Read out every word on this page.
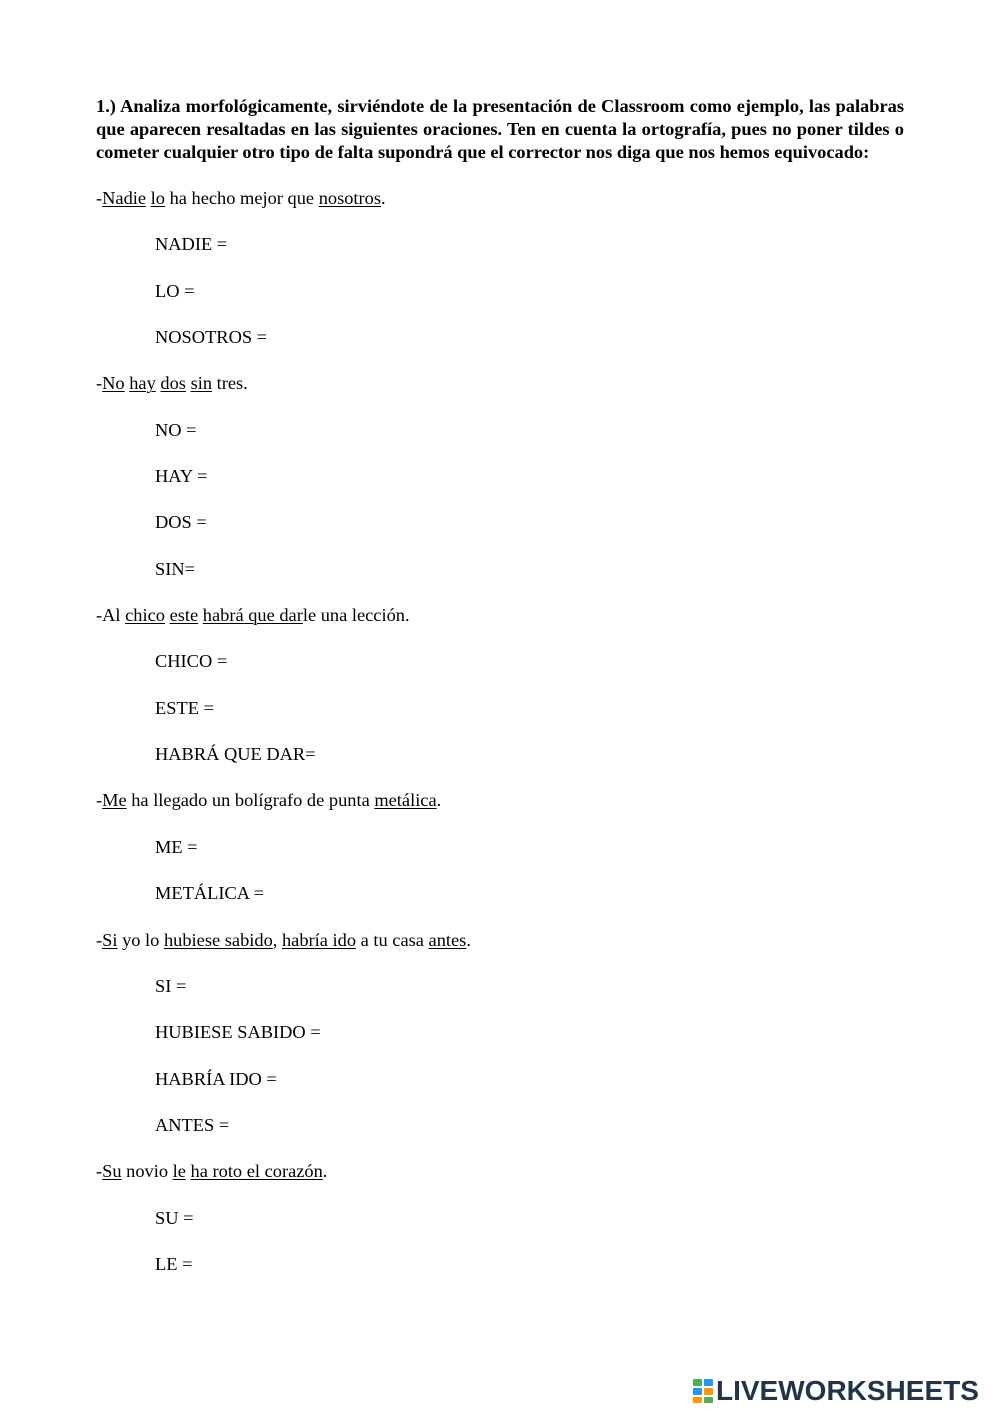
1.) Analiza morfológicamente, sirviéndote de la presentación de Classroom como ejemplo, las palabras que aparecen resaltadas en las siguientes oraciones. Ten en cuenta la ortografía, pues no poner tildes o cometer cualquier otro tipo de falta supondrá que el corrector nos diga que nos hemos equivocado:

-Nadie lo ha hecho mejor que nosotros.
NADIE =
LO =
NOSOTROS =
-No hay dos sin tres.
NO =
HAY =
DOS =
SIN=
-Al chico este habrá que darle una lección.
CHICO =
ESTE =
HABRÁ QUE DAR=
-Me ha llegado un bolígrafo de punta metálica.
ME =
METÁLICA =
-Si yo lo hubiese sabido, habría ido a tu casa antes.
SI =
HUBIESE SABIDO =
HABRÍA IDO =
ANTES =
-Su novio le ha roto el corazón.
SU =
LE =
LIVEWORKSHEETS
